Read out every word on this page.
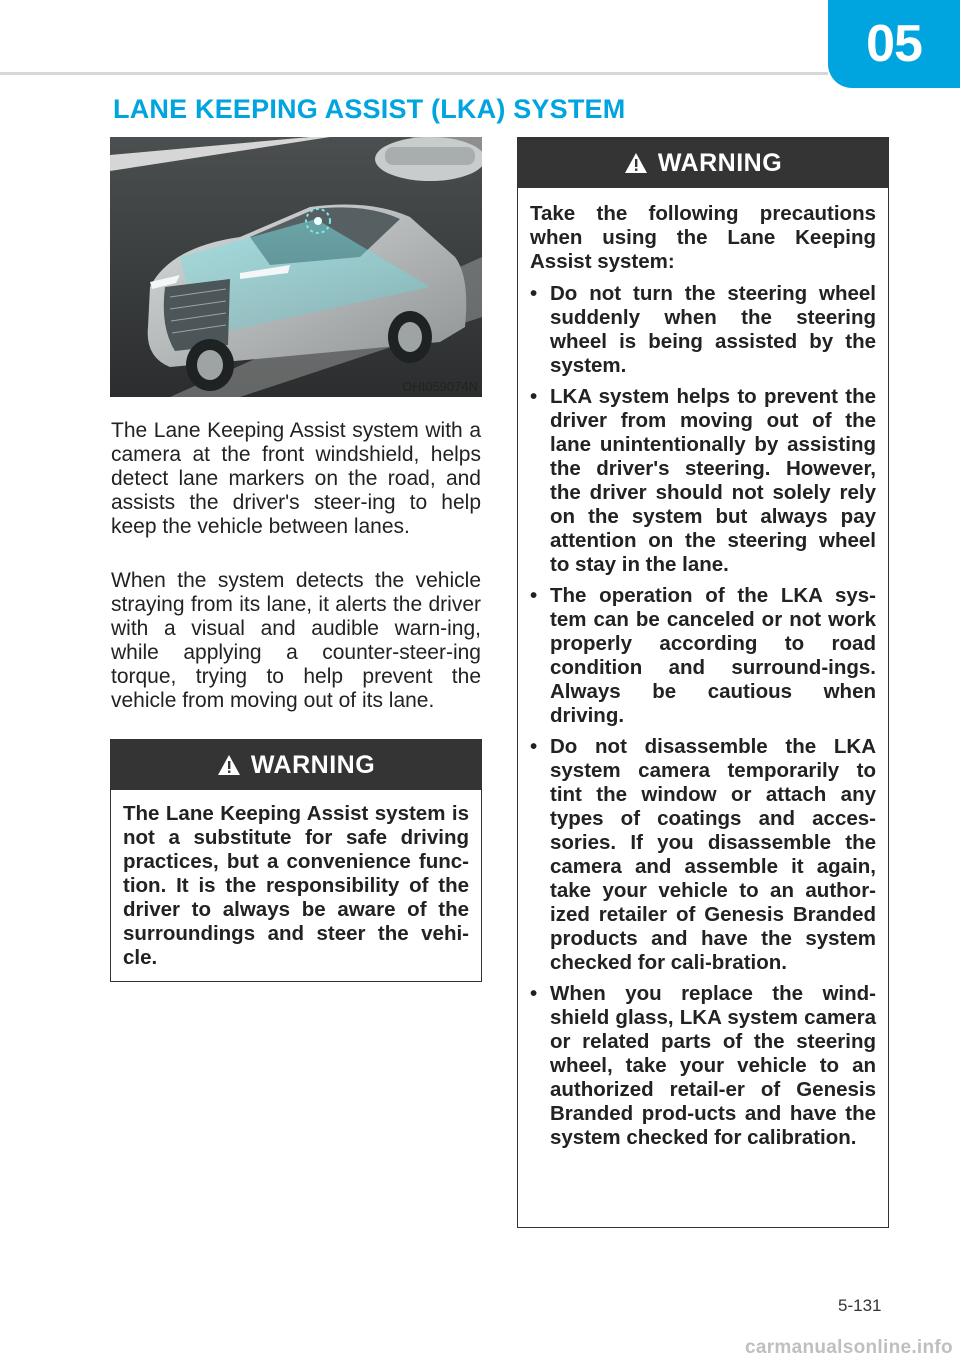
05
LANE KEEPING ASSIST (LKA) SYSTEM
OHI059074N

The Lane Keeping Assist system with a camera at the front windshield, helps detect lane markers on the road, and assists the driver's steer-ing to help keep the vehicle between lanes.

When the system detects the vehicle straying from its lane, it alerts the driver with a visual and audible warn-ing, while applying a counter-steer-ing torque, trying to help prevent the vehicle from moving out of its lane.

WARNING

The Lane Keeping Assist system is not a substitute for safe driving practices, but a convenience func-tion. It is the responsibility of the driver to always be aware of the surroundings and steer the vehi-cle.

WARNING

Take the following precautions when using the Lane Keeping Assist system:

• Do not turn the steering wheel suddenly when the steering wheel is being assisted by the system.
• LKA system helps to prevent the driver from moving out of the lane unintentionally by assisting the driver's steering. However, the driver should not solely rely on the system but always pay attention on the steering wheel to stay in the lane.
• The operation of the LKA sys-tem can be canceled or not work properly according to road condition and surround-ings. Always be cautious when driving.
• Do not disassemble the LKA system camera temporarily to tint the window or attach any types of coatings and acces-sories. If you disassemble the camera and assemble it again, take your vehicle to an author-ized retailer of Genesis Branded products and have the system checked for cali-bration.
• When you replace the wind-shield glass, LKA system camera or related parts of the steering wheel, take your vehicle to an authorized retail-er of Genesis Branded prod-ucts and have the system checked for calibration.
5-131
carmanualsonline.info
